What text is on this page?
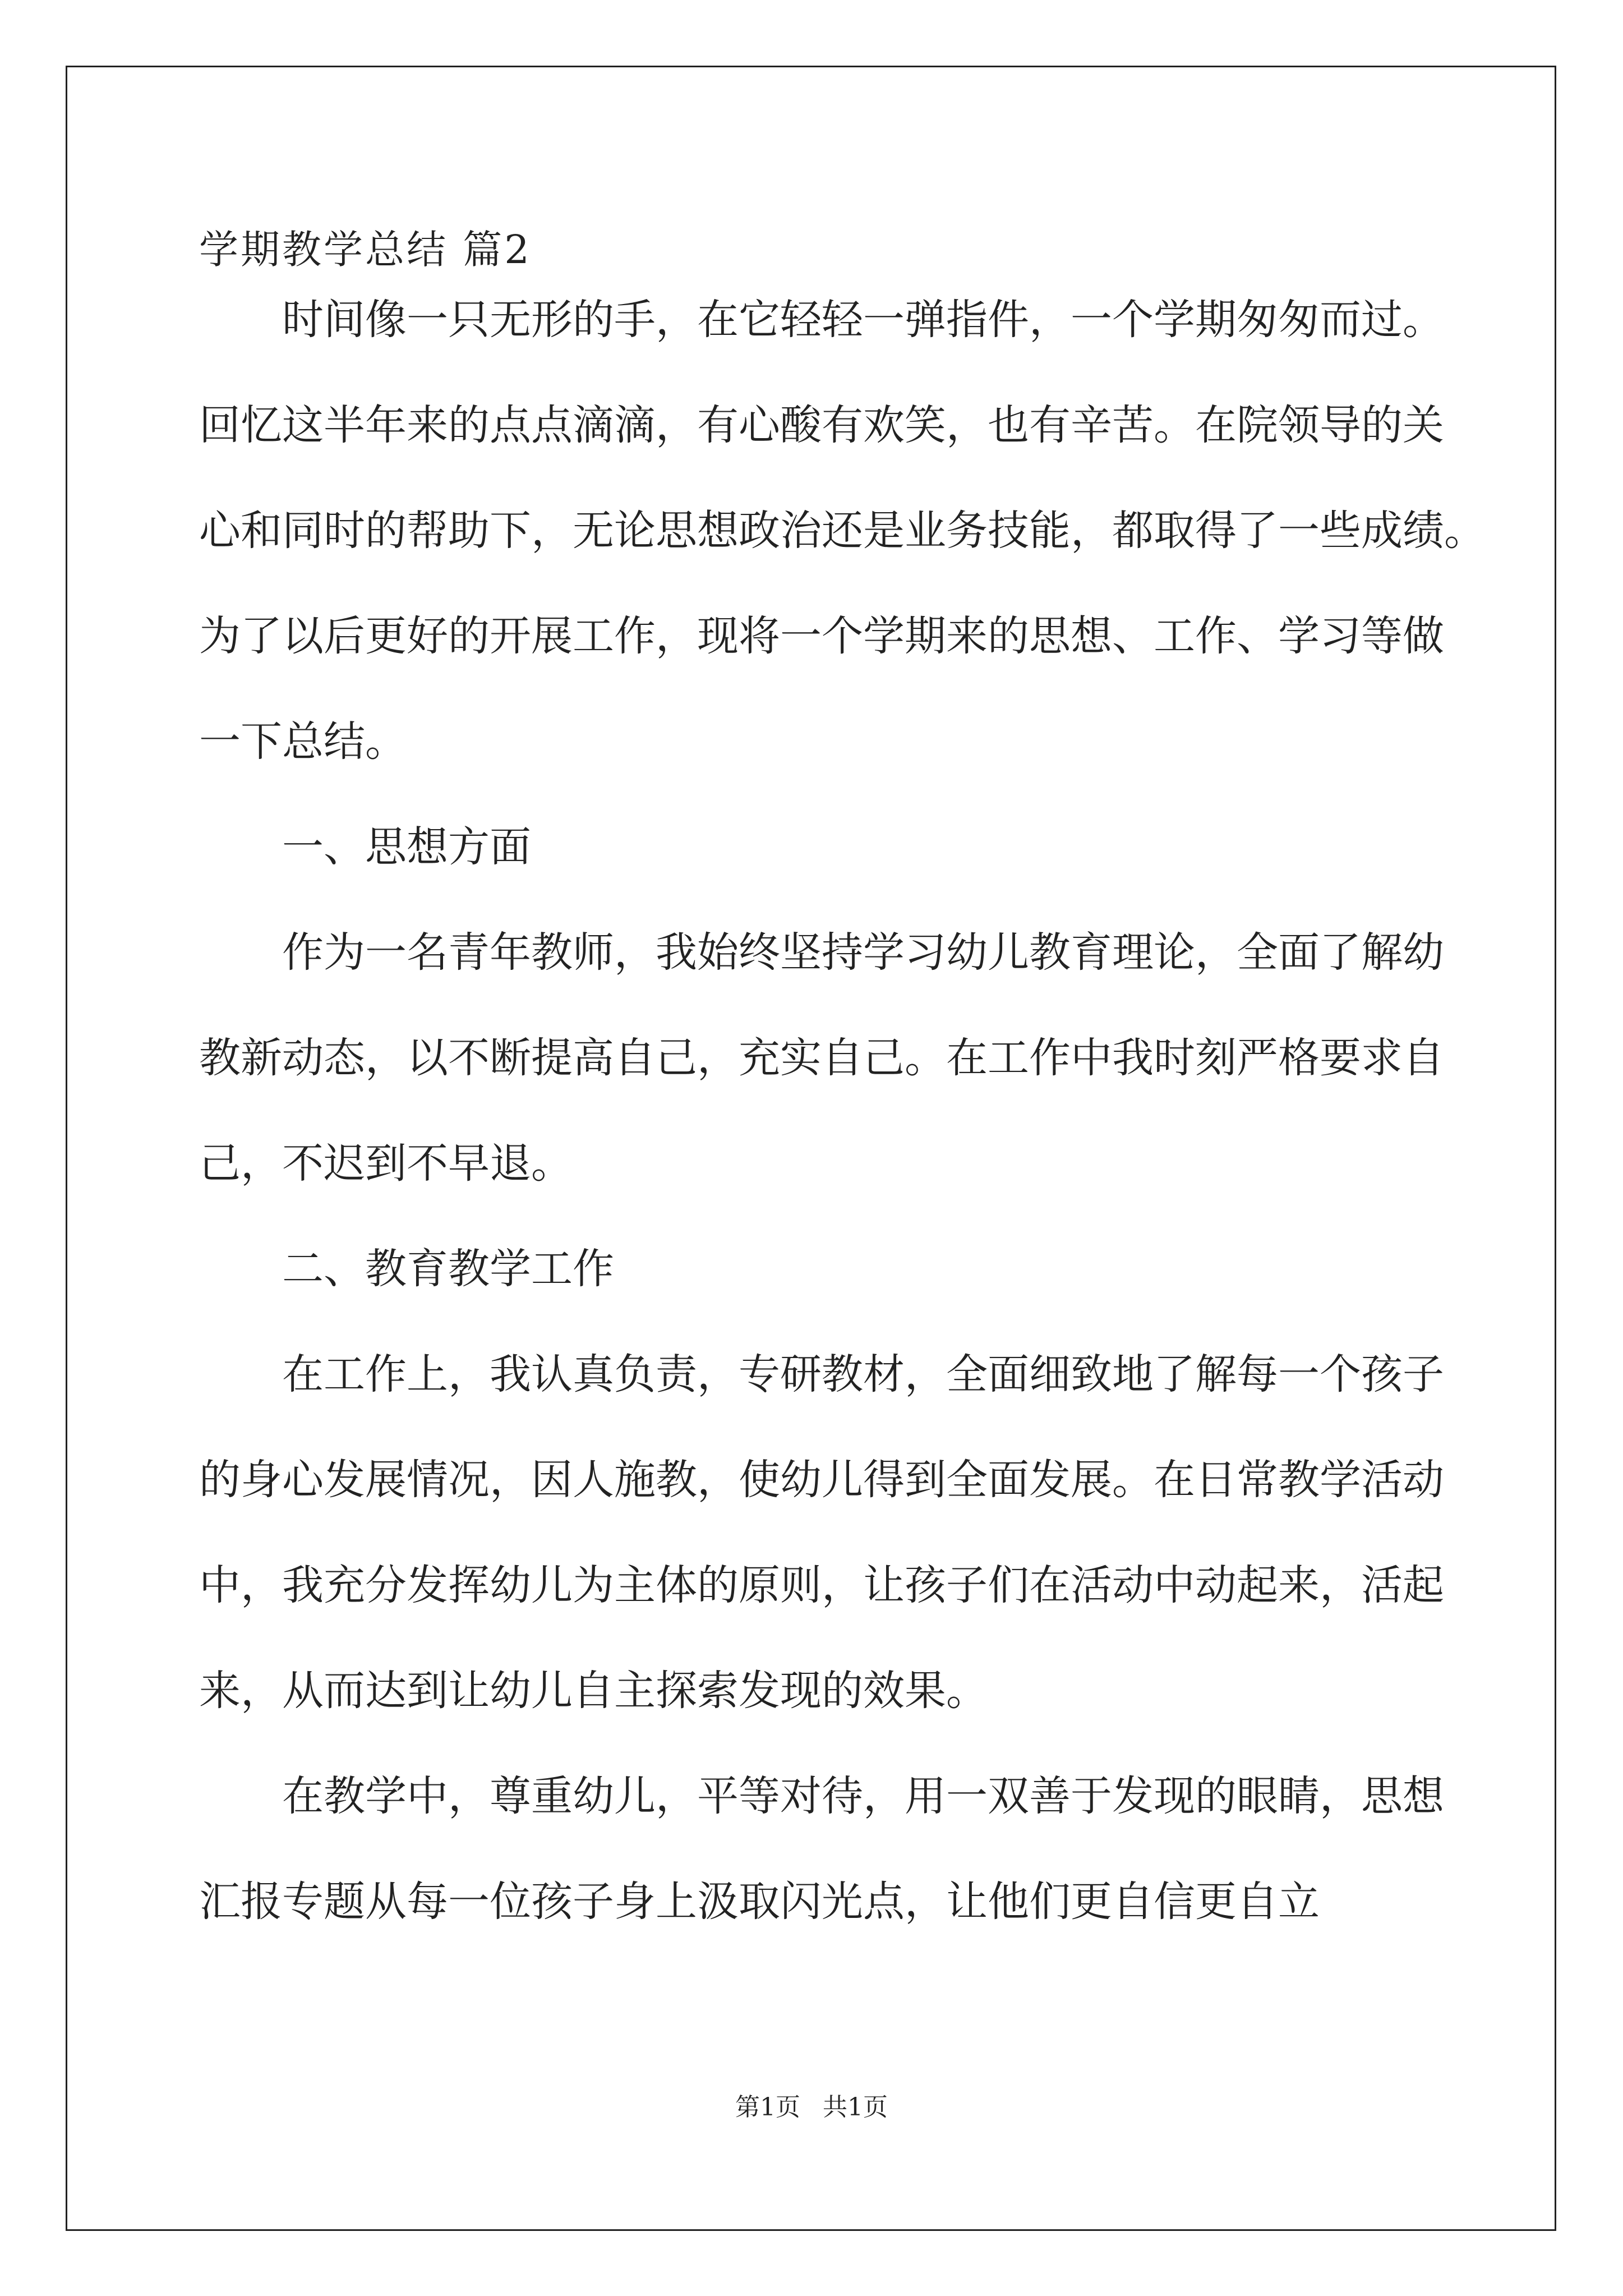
学期教学总结 篇2
时间像一只无形的手，在它轻轻一弹指件，一个学期匆匆而过。
回忆这半年来的点点滴滴，有心酸有欢笑，也有辛苦。在院领导的关
心和同时的帮助下，无论思想政治还是业务技能，都取得了一些成绩。
为了以后更好的开展工作，现将一个学期来的思想、工作、学习等做
一下总结。
一、思想方面
作为一名青年教师，我始终坚持学习幼儿教育理论，全面了解幼
教新动态，以不断提高自己，充实自己。在工作中我时刻严格要求自
己，不迟到不早退。
二、教育教学工作
在工作上，我认真负责，专研教材，全面细致地了解每一个孩子
的身心发展情况，因人施教，使幼儿得到全面发展。在日常教学活动
中，我充分发挥幼儿为主体的原则，让孩子们在活动中动起来，活起
来，从而达到让幼儿自主探索发现的效果。
在教学中，尊重幼儿，平等对待，用一双善于发现的眼睛，思想
汇报专题从每一位孩子身上汲取闪光点，让他们更自信更自立
第1页 共1页
